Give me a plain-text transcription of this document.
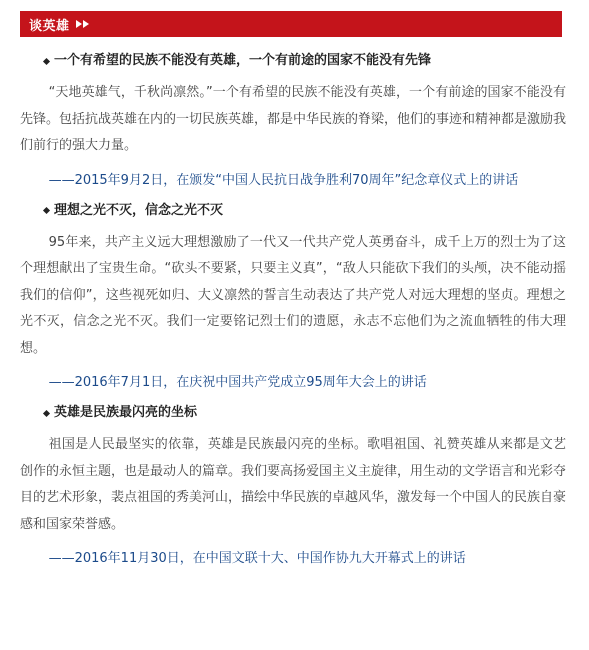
谈英雄
一个有希望的民族不能没有英雄，一个有前途的国家不能没有先锋

“天地英雄气，千秋尚凛然。”一个有希望的民族不能没有英雄，一个有前途的国家不能没有先锋。包括抗战英雄在内的一切民族英雄，都是中华民族的脊梁，他们的事迹和精神都是激励我们前行的强大力量。

——2015年9月2日，在颁发“中国人民抗日战争胜利70周年”纪念章仪式上的讲话

理想之光不灭，信念之光不灭

95年来，共产主义远大理想激励了一代又一代共产党人英勇奋斗，成千上万的烈士为了这个理想献出了宝贵生命。“砍头不要紧，只要主义真”，“敌人只能砍下我们的头颅，决不能动摇我们的信仰”，这些视死如归、大义凛然的誓言生动表达了共产党人对远大理想的坚贞。理想之光不灭，信念之光不灭。我们一定要铭记烈士们的遗愿，永志不忘他们为之流血牺牲的伟大理想。

——2016年7月1日，在庆祝中国共产党成立95周年大会上的讲话

英雄是民族最闪亮的坐标

祖国是人民最坚实的依靠，英雄是民族最闪亮的坐标。歌唱祖国、礼赞英雄从来都是文艺创作的永恒主题，也是最动人的篇章。我们要高扬爱国主义主旋律，用生动的文学语言和光彩夺目的艺术形象，裴点祖国的秀美河山，描绘中华民族的卓越风华，激发每一个中国人的民族自豪感和国家荣誉感。

——2016年11月30日，在中国文联十大、中国作协九大开幕式上的讲话
